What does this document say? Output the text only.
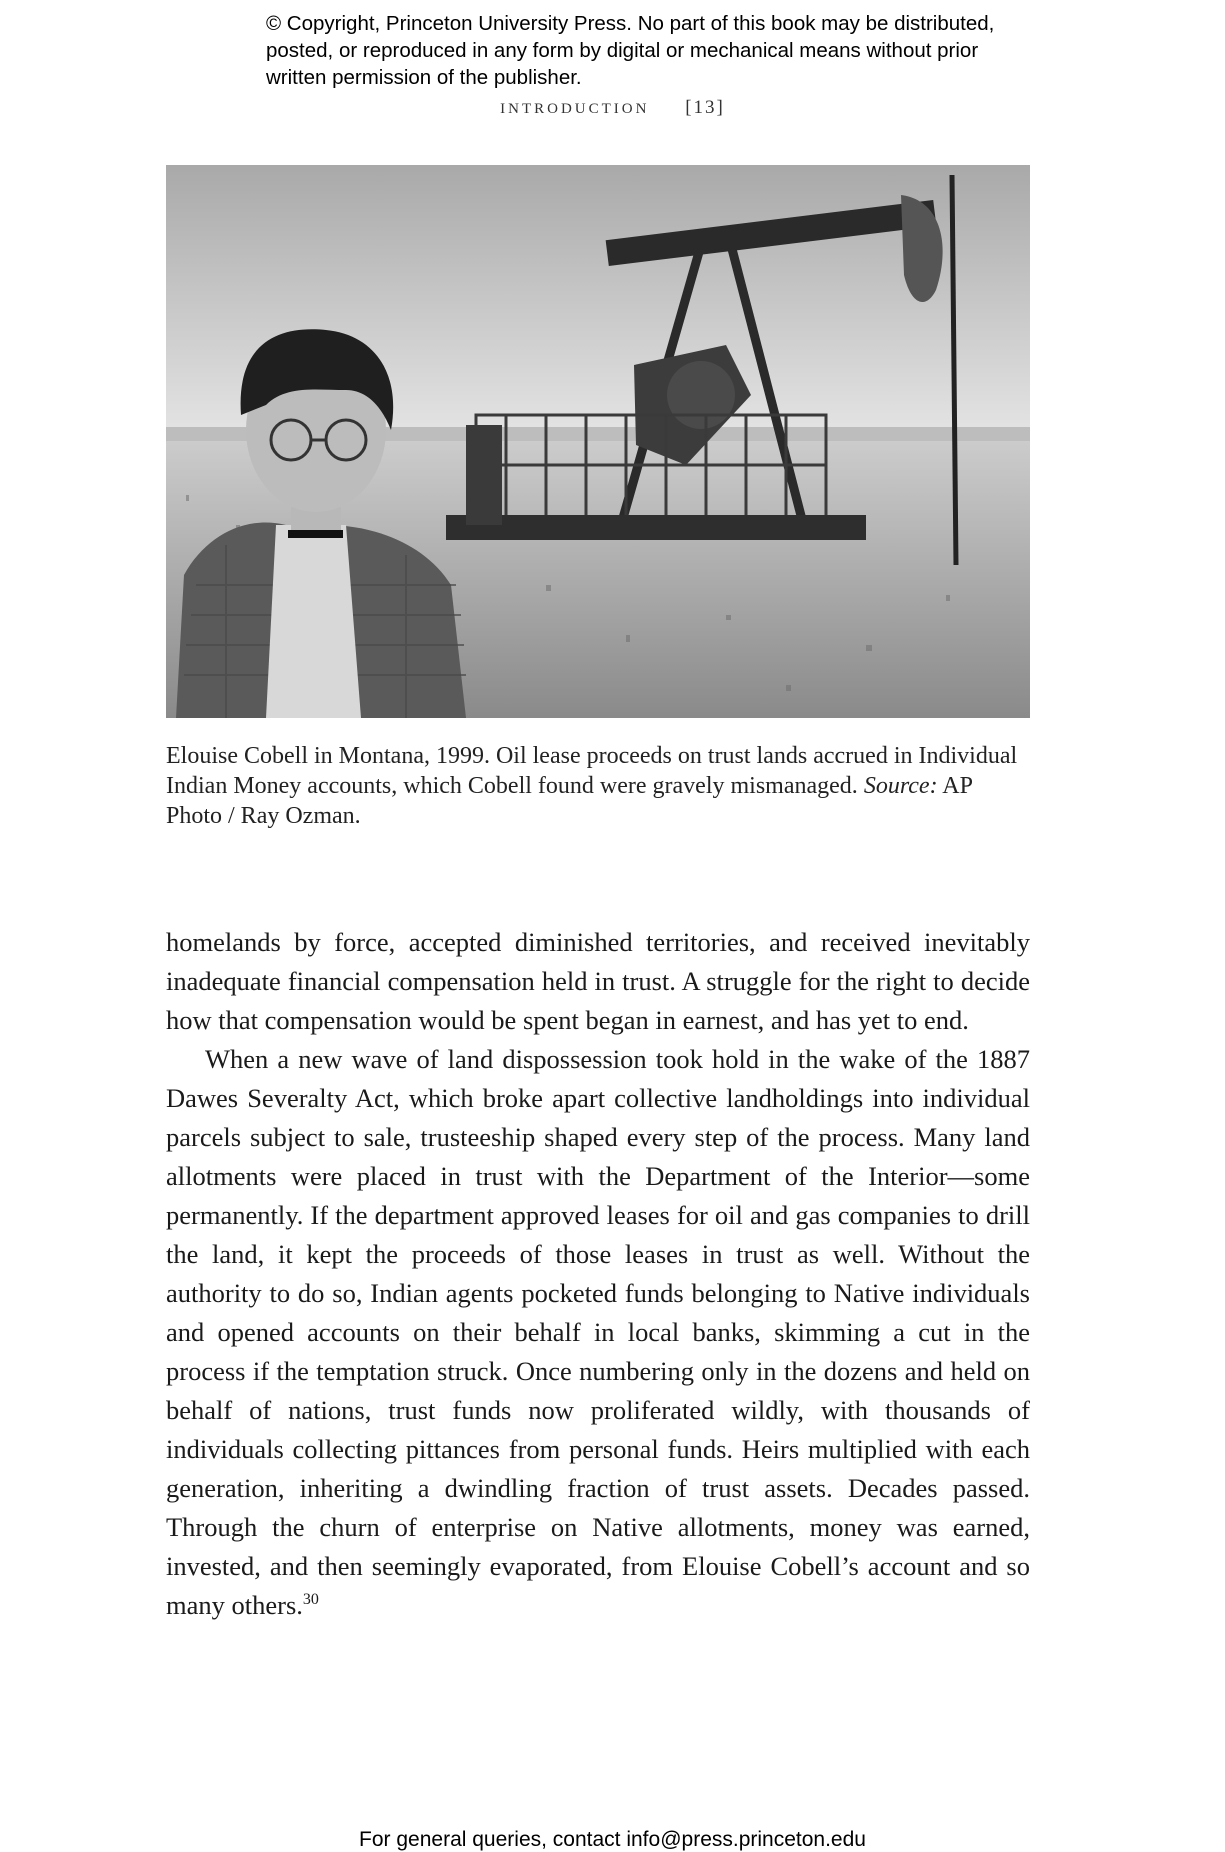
© Copyright, Princeton University Press. No part of this book may be distributed, posted, or reproduced in any form by digital or mechanical means without prior written permission of the publisher.
introduction [13]
Elouise Cobell in Montana, 1999. Oil lease proceeds on trust lands accrued in Individual Indian Money accounts, which Cobell found were gravely mismanaged. Source: AP Photo / Ray Ozman.

homelands by force, accepted diminished territories, and received inevitably inadequate financial compensation held in trust. A struggle for the right to decide how that compensation would be spent began in earnest, and has yet to end.

When a new wave of land dispossession took hold in the wake of the 1887 Dawes Severalty Act, which broke apart collective landholdings into individual parcels subject to sale, trusteeship shaped every step of the process. Many land allotments were placed in trust with the Department of the Interior—some permanently. If the department approved leases for oil and gas companies to drill the land, it kept the proceeds of those leases in trust as well. Without the authority to do so, Indian agents pocketed funds belonging to Native individuals and opened accounts on their behalf in local banks, skimming a cut in the process if the temptation struck. Once numbering only in the dozens and held on behalf of nations, trust funds now proliferated wildly, with thousands of individuals collecting pittances from personal funds. Heirs multiplied with each generation, inheriting a dwindling fraction of trust assets. Decades passed. Through the churn of enterprise on Native allotments, money was earned, invested, and then seemingly evaporated, from Elouise Cobell’s account and so many others.$^{30}$

For general queries, contact info@press.princeton.edu
